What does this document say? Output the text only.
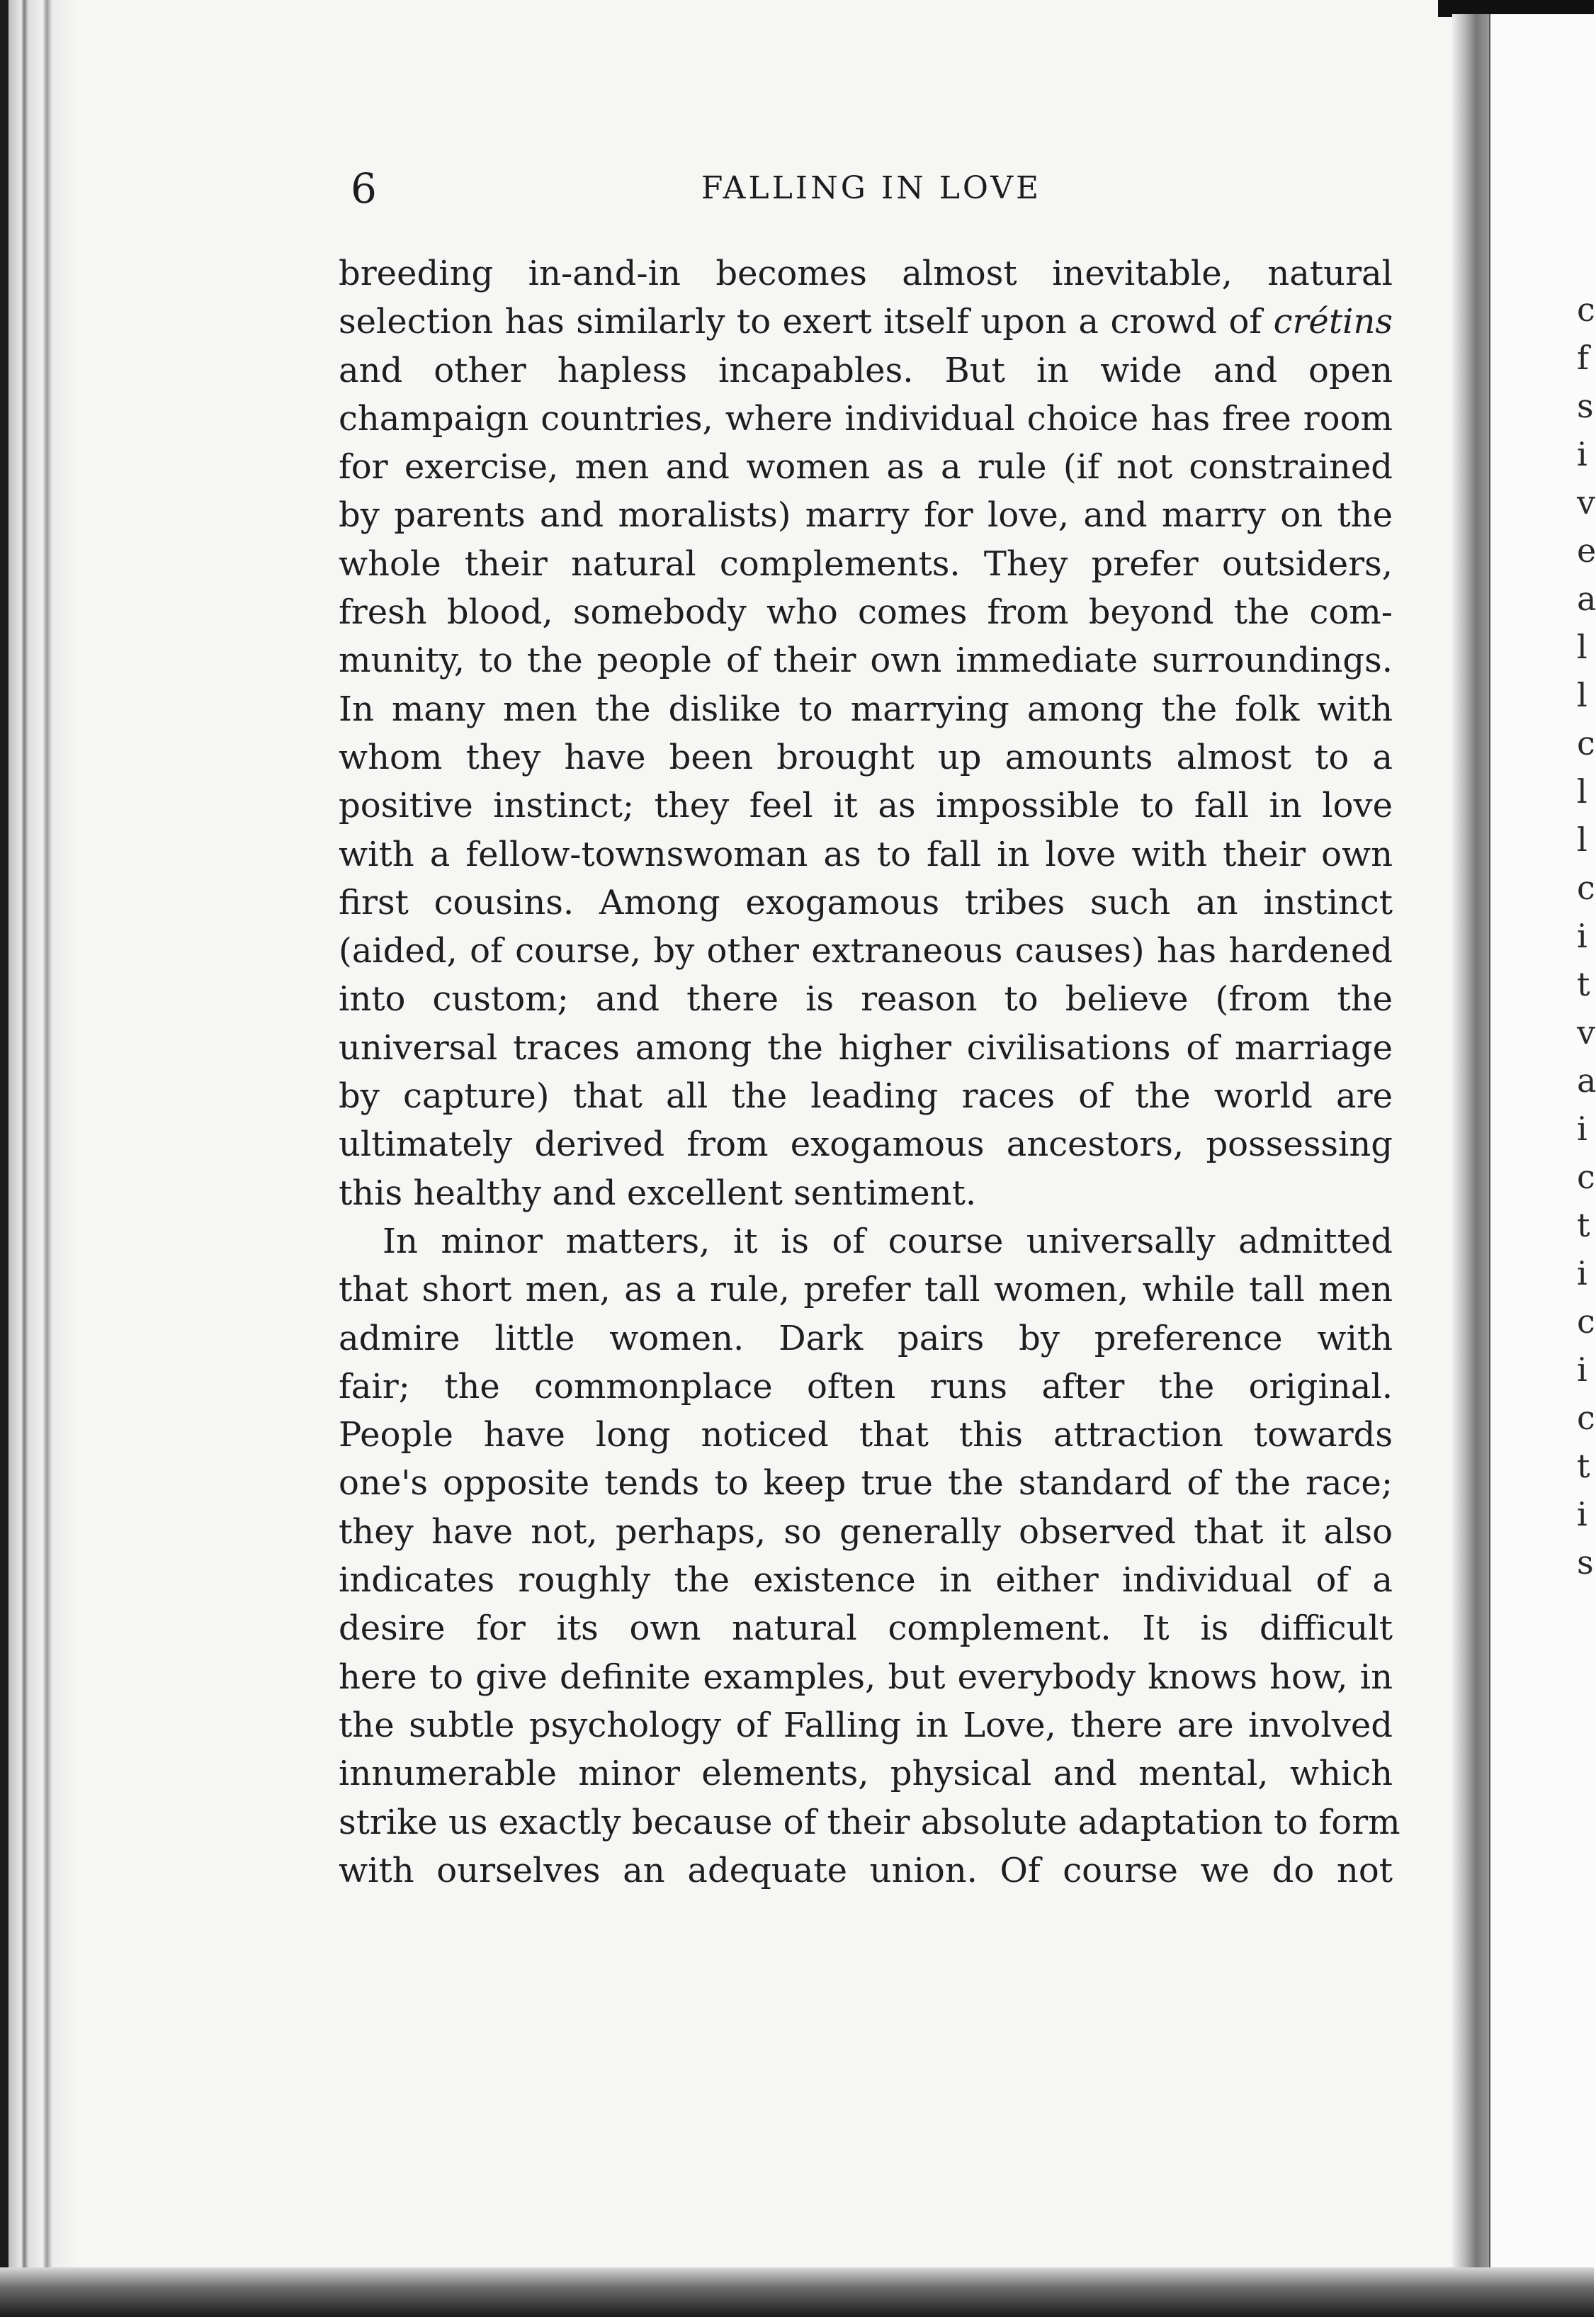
c
f
s
i
v
e
a
l
l
c
l
l
c
i
t
v
a
i
c
t
i
c
i
c
t
i
s
6	FALLING IN LOVE
breeding in-and-in becomes almost inevitable, natural
selection has similarly to exert itself upon a crowd of crétins
and other hapless incapables. But in wide and open
champaign countries, where individual choice has free room
for exercise, men and women as a rule (if not constrained
by parents and moralists) marry for love, and marry on the
whole their natural complements. They prefer outsiders,
fresh blood, somebody who comes from beyond the com-
munity, to the people of their own immediate surroundings.
In many men the dislike to marrying among the folk with
whom they have been brought up amounts almost to a
positive instinct; they feel it as impossible to fall in love
with a fellow-townswoman as to fall in love with their own
first cousins. Among exogamous tribes such an instinct
(aided, of course, by other extraneous causes) has hardened
into custom; and there is reason to believe (from the
universal traces among the higher civilisations of marriage
by capture) that all the leading races of the world are
ultimately derived from exogamous ancestors, possessing
this healthy and excellent sentiment.
In minor matters, it is of course universally admitted
that short men, as a rule, prefer tall women, while tall men
admire little women. Dark pairs by preference with
fair; the commonplace often runs after the original.
People have long noticed that this attraction towards
one's opposite tends to keep true the standard of the race;
they have not, perhaps, so generally observed that it also
indicates roughly the existence in either individual of a
desire for its own natural complement. It is difficult
here to give definite examples, but everybody knows how, in
the subtle psychology of Falling in Love, there are involved
innumerable minor elements, physical and mental, which
strike us exactly because of their absolute adaptation to form
with ourselves an adequate union. Of course we do not
